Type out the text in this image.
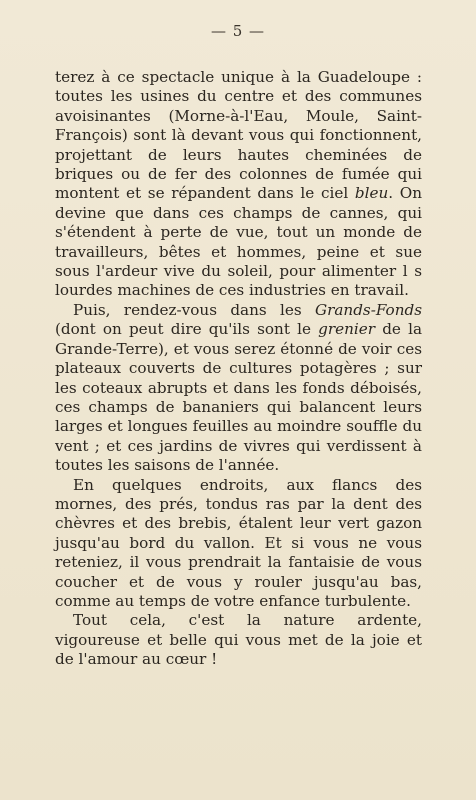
— 5 —

terez à ce spectacle unique à la Guadeloupe : toutes les usines du centre et des communes avoisinantes (Morne-à-l'Eau, Moule, Saint-François) sont là devant vous qui fonctionnent, projettant de leurs hautes cheminées de briques ou de fer des colonnes de fumée qui montent et se répandent dans le ciel bleu. On devine que dans ces champs de cannes, qui s'étendent à perte de vue, tout un monde de travailleurs, bêtes et hommes, peine et sue sous l'ardeur vive du soleil, pour alimenter l s lourdes machines de ces industries en travail.

Puis, rendez-vous dans les Grands-Fonds (dont on peut dire qu'ils sont le grenier de la Grande-Terre), et vous serez étonné de voir ces plateaux couverts de cultures potagères ; sur les coteaux abrupts et dans les fonds déboisés, ces champs de bananiers qui balancent leurs larges et longues feuilles au moindre souffle du vent ; et ces jardins de vivres qui verdissent à toutes les saisons de l'année.

En quelques endroits, aux flancs des mornes, des prés, tondus ras par la dent des chèvres et des brebis, étalent leur vert gazon jusqu'au bord du vallon. Et si vous ne vous reteniez, il vous prendrait la fantaisie de vous coucher et de vous y rouler jusqu'au bas, comme au temps de votre enfance turbulente.

Tout cela, c'est la nature ardente, vigoureuse et belle qui vous met de la joie et de l'amour au cœur !
